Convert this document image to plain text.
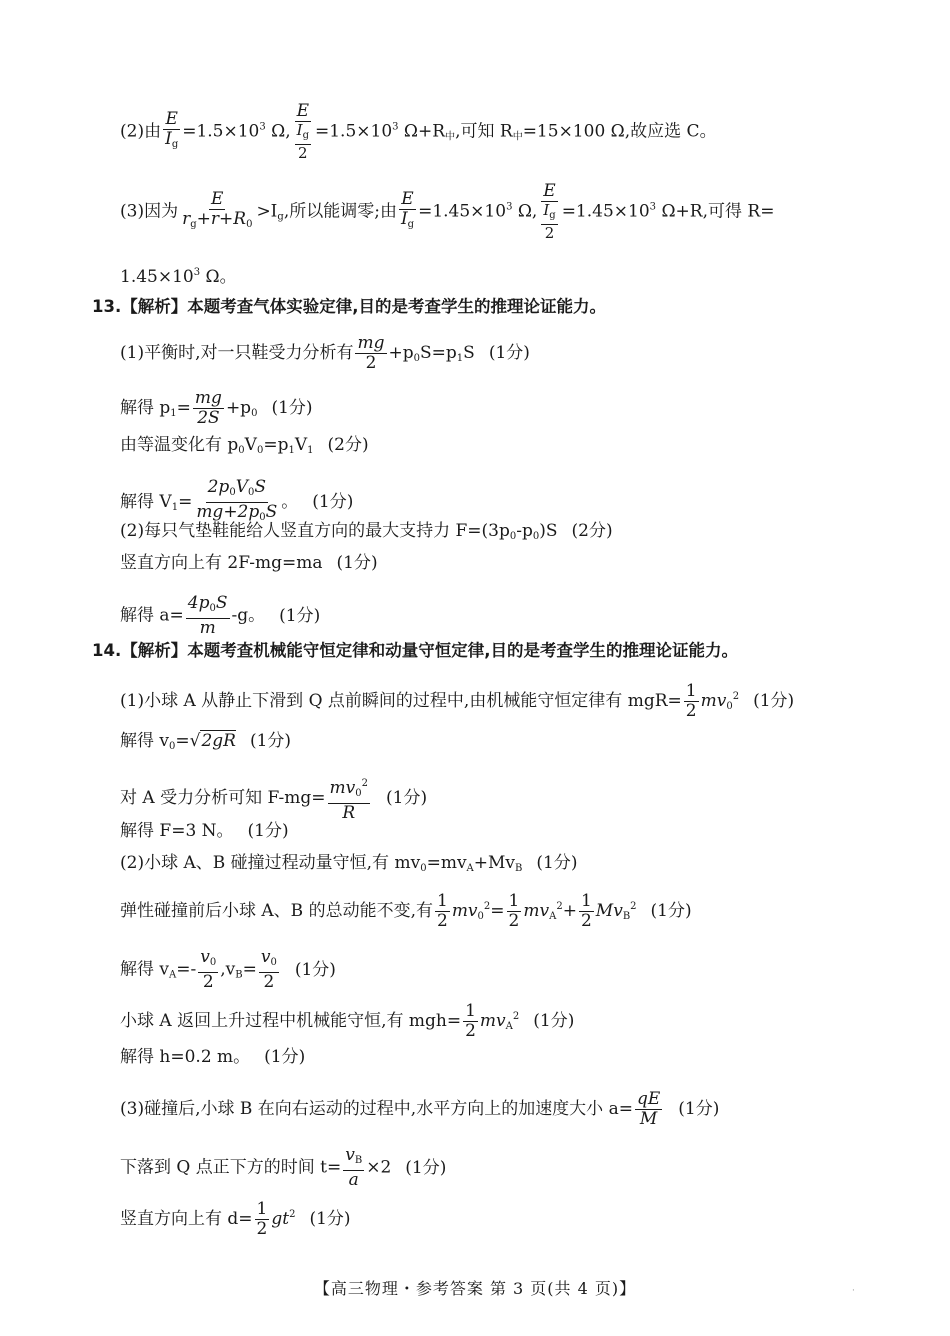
(2)由 $\frac{E}{I_g} =1.5\times 10^3$ Ω, $\frac{E}{\frac{I_g}{2}} =1.5\times 10^3$ $\Omega+R_中$,可知 $R_中=15\times 100$ Ω,故应选 C。
(3)因为 $\frac{E}{r_g+r+R_0} >I_g$,所以能调零;由 $\frac{E}{I_g} =1.45\times 10^3$ Ω, $\frac{E}{\frac{I_g}{2}} =1.45\times 10^3$ Ω+R,可得 R=
$1.45\times 10^3$ Ω。
13.【解析】本题考查气体实验定律,目的是考查学生的推理论证能力。
(1)平衡时,对一只鞋受力分析有 $\frac{mg}{2} +p_0S=p_1S$ (1分)
解得 $p_1= \frac{mg}{2S} +p_0$ (1分)
由等温变化有 $p_0V_0=p_1V_1$ (2分)
解得 $V_1= \frac{2p_0V_0S}{mg+2p_0S}$ 。 (1分)
(2)每只气垫鞋能给人竖直方向的最大支持力 $F=(3p_0-p_0)S$ (2分)
竖直方向上有 2F-mg=ma (1分)
解得 $a= \frac{4p_0S}{m} -g$。 (1分)
14.【解析】本题考查机械能守恒定律和动量守恒定律,目的是考查学生的推理论证能力。
(1)小球 A 从静止下滑到 Q 点前瞬间的过程中,由机械能守恒定律有 $mgR= \frac{1}{2} mv_0^2$ (1分)
解得 $v_0=√2gR$ (1分)
对 A 受力分析可知 $F-mg= \frac{mv_0^2}{R} (1$分)
解得 F=3 N。 (1分)
(2)小球 A、B 碰撞过程动量守恒,有 $mv_0=mv_A+Mv_B$ (1分)
弹性碰撞前后小球 A、B 的总动能不变,有 $\frac{1}{2} mv_0^2= \frac{1}{2} mv_A^2+ \frac{1}{2} Mv_B^2$ (1分)
解得 $v_A=- \frac{v_0}{2} ,v_B= \frac{v_0}{2} (1$分)
小球 A 返回上升过程中机械能守恒,有 $mgh= \frac{1}{2} mv_A^2$ (1分)
解得 h=0.2 m。 (1分)
(3)碰撞后,小球 B 在向右运动的过程中,水平方向上的加速度大小 $a= \frac{qE}{M} (1$分)
下落到 Q 点正下方的时间 $t= \frac{v_B}{a} \times 2$ (1分)
竖直方向上有 $d= \frac{1}{2} gt^2$ (1分)
【高三物理・参考答案 第 3 页(共 4 页)】	·
